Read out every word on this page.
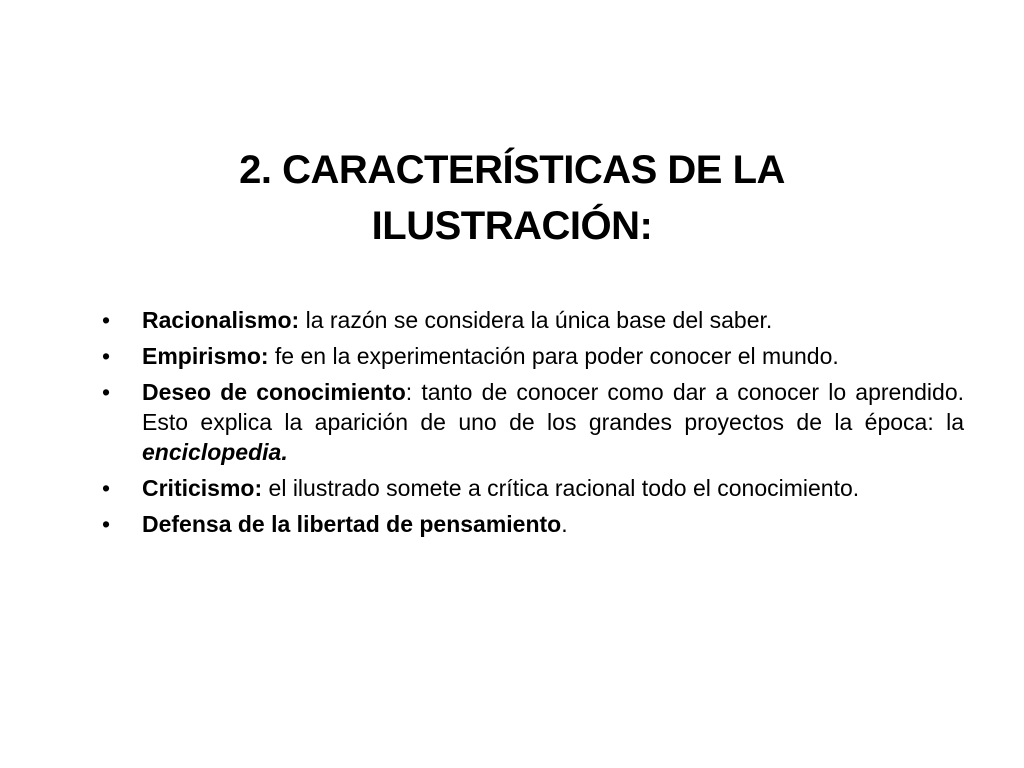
2. CARACTERÍSTICAS DE LA
ILUSTRACIÓN:
•	Racionalismo: la razón se considera la única base del saber.
•	Empirismo: fe en la experimentación para poder conocer el mundo.
•	Deseo de conocimiento: tanto de conocer como dar a conocer lo aprendido. Esto explica la aparición de uno de los grandes proyectos de la época: la enciclopedia.
•	Criticismo: el ilustrado somete a crítica racional todo el conocimiento.
•	Defensa de la libertad de pensamiento.
